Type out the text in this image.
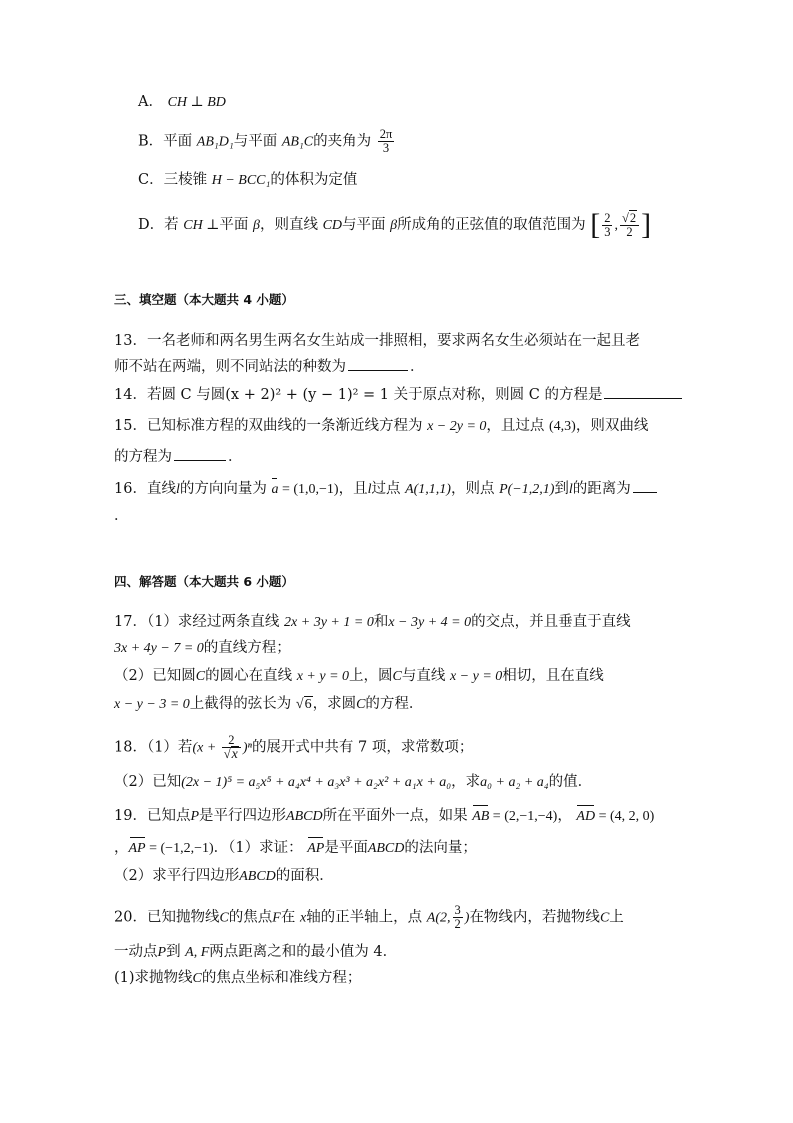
A． CH ⊥ BD
B．平面 AB₁D₁与平面 AB₁C的夹角为 $\frac{2\pi}{3}$
C．三棱锥 H − BCC₁的体积为定值
D．若 CH ⊥平面 β，则直线 CD与平面 β所成角的正弦值的取值范围为 [ $\frac{2}{3}$ , $\frac{√2}{2}$ ]
三、填空题（本大题共 4 小题）
13．一名老师和两名男生两名女生站成一排照相，要求两名女生必须站在一起且老
师不站在两端，则不同站法的种数为	．
14．若圆 C 与圆(x + 2)² + (y − 1)² = 1 关于原点对称，则圆 C 的方程是
15．已知标准方程的双曲线的一条渐近线方程为 x − 2y = 0，且过点 (4,3)，则双曲线
的方程为	．
16．直线l的方向向量为 a = (1,0,−1)，且l过点 A(1,1,1)，则点 P(−1,2,1)到l的距离为
．
四、解答题（本大题共 6 小题）
17．（1）求经过两条直线 2x + 3y + 1 = 0和x − 3y + 4 = 0的交点，并且垂直于直线
3x + 4y − 7 = 0的直线方程；
（2）已知圆C的圆心在直线 x + y = 0上，圆C与直线 x − y = 0相切，且在直线
x − y − 3 = 0上截得的弦长为 √6，求圆C的方程．
18．（1）若$(x + \frac{2}{√x} )^n$的展开式中共有 7 项，求常数项；
（2）已知(2x − 1)⁵ = a₅x⁵ + a₄x⁴ + a₃x³ + a₂x² + a₁x + a₀，求a₀ + a₂ + a₄的值．
19．已知点P是平行四边形ABCD所在平面外一点，如果 AB = (2,−1,−4)， AD = (4, 2, 0)
，AP = (−1,2,−1)．（1）求证： AP是平面ABCD的法向量；
（2）求平行四边形ABCD的面积．
20．已知抛物线C的焦点F在 x轴的正半轴上，点 A(2, $\frac{3}{2}$ )在物线内，若抛物线C上
一动点P到 A, F两点距离之和的最小值为 4．
(1)求抛物线C的焦点坐标和准线方程；
